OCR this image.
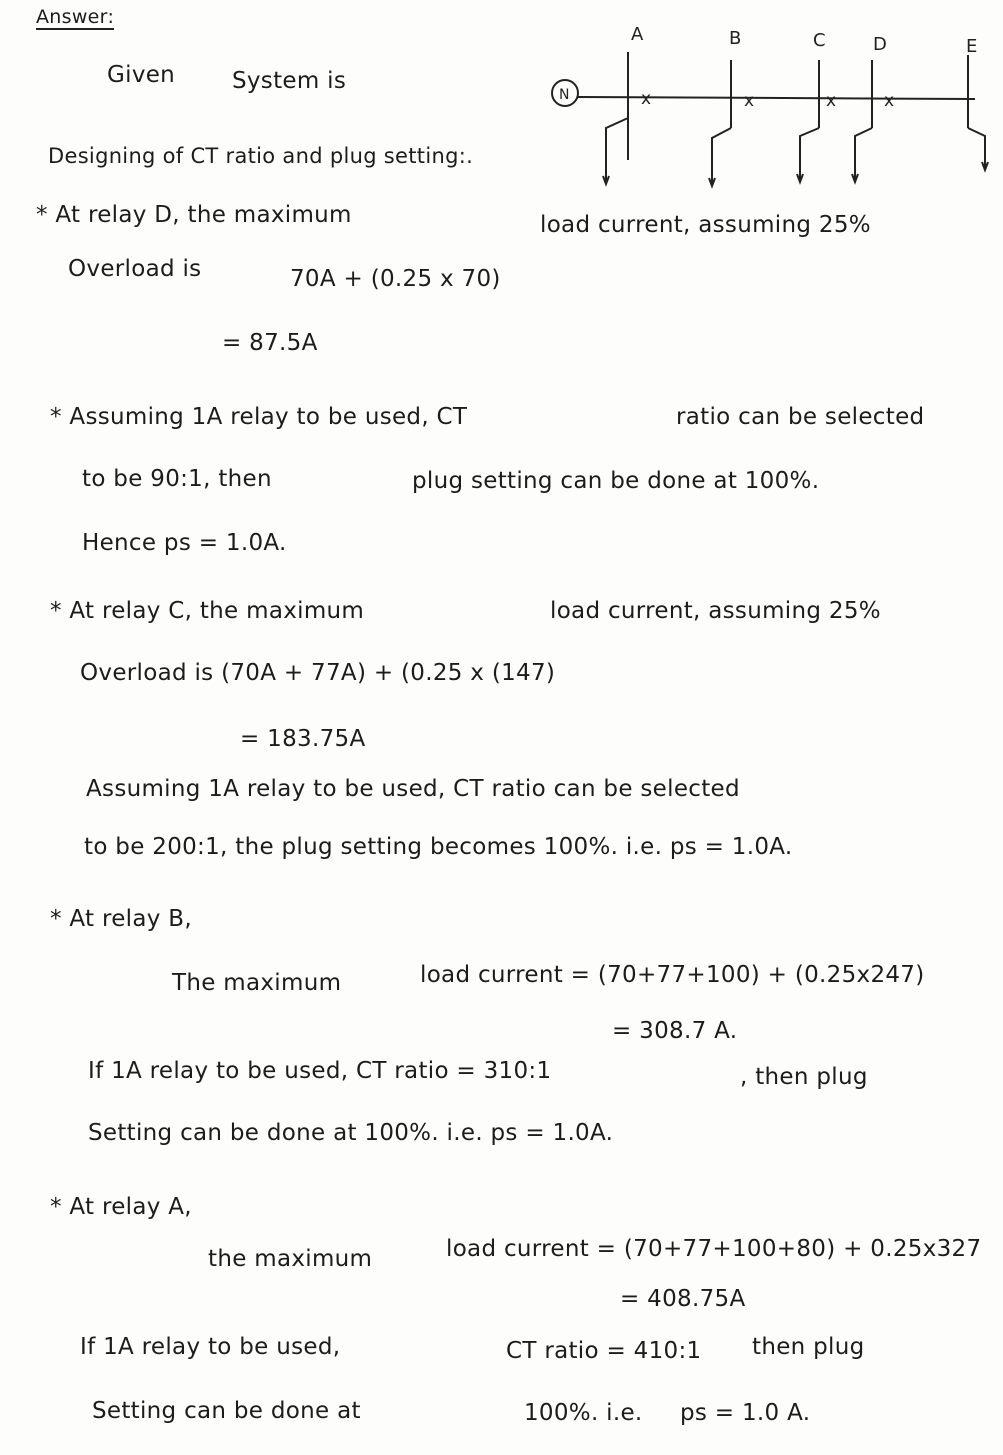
Answer:
Given System is
x	x	x	x
N
A	B	C	D	E
Designing of CT ratio and plug setting:.
* At relay D, the maximum	load current, assuming 25%
Overload is	70A + (0.25 x 70)
= 87.5A
* Assuming 1A relay to be used, CT	ratio can be selected
to be 90:1, then	plug setting can be done at 100%.
Hence ps = 1.0A.
* At relay C, the maximum	load current, assuming 25%
Overload is (70A + 77A) + (0.25 x (147)
= 183.75A
Assuming 1A relay to be used, CT ratio can be selected
to be 200:1, the plug setting becomes 100%. i.e. ps = 1.0A.
* At relay B,
The maximum	load current = (70+77+100) + (0.25x247)
= 308.7 A.
If 1A relay to be used, CT ratio = 310:1	, then plug
Setting can be done at 100%. i.e. ps = 1.0A.
* At relay A,
the maximum	load current = (70+77+100+80) + 0.25x327
= 408.75A
If 1A relay to be used,	CT ratio = 410:1 then plug
Setting can be done at	100%. i.e. ps = 1.0 A.
